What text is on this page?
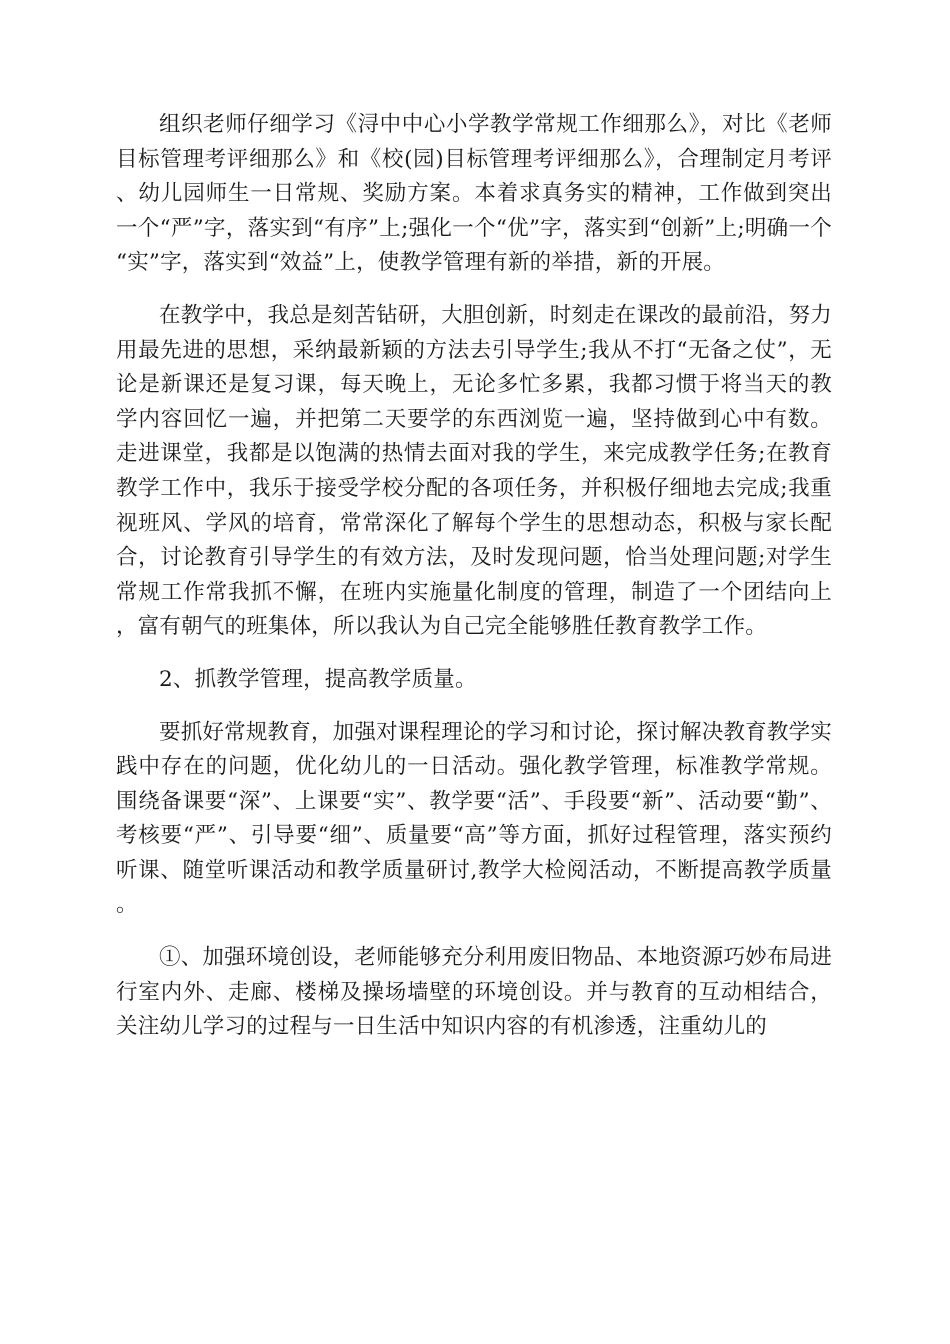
组织老师仔细学习《浔中中心小学教学常规工作细那么》，对比《老师目标管理考评细那么》和《校(园)目标管理考评细那么》，合理制定月考评、幼儿园师生一日常规、奖励方案。本着求真务实的精神，工作做到突出一个“严”字，落实到“有序”上;强化一个“优”字，落实到“创新”上;明确一个“实”字，落实到“效益”上，使教学管理有新的举措，新的开展。

在教学中，我总是刻苦钻研，大胆创新，时刻走在课改的最前沿，努力用最先进的思想，采纳最新颖的方法去引导学生;我从不打“无备之仗”，无论是新课还是复习课，每天晚上，无论多忙多累，我都习惯于将当天的教学内容回忆一遍，并把第二天要学的东西浏览一遍，坚持做到心中有数。走进课堂，我都是以饱满的热情去面对我的学生，来完成教学任务;在教育教学工作中，我乐于接受学校分配的各项任务，并积极仔细地去完成;我重视班风、学风的培育，常常深化了解每个学生的思想动态，积极与家长配合，讨论教育引导学生的有效方法，及时发现问题，恰当处理问题;对学生常规工作常我抓不懈，在班内实施量化制度的管理，制造了一个团结向上，富有朝气的班集体，所以我认为自己完全能够胜任教育教学工作。

2、抓教学管理，提高教学质量。

要抓好常规教育，加强对课程理论的学习和讨论，探讨解决教育教学实践中存在的问题，优化幼儿的一日活动。强化教学管理，标准教学常规。围绕备课要“深”、上课要“实”、教学要“活”、手段要“新”、活动要“勤”、考核要“严”、引导要“细”、质量要“高”等方面，抓好过程管理，落实预约听课、随堂听课活动和教学质量研讨,教学大检阅活动，不断提高教学质量。

①、加强环境创设，老师能够充分利用废旧物品、本地资源巧妙布局进行室内外、走廊、楼梯及操场墙壁的环境创设。并与教育的互动相结合，关注幼儿学习的过程与一日生活中知识内容的有机渗透，注重幼儿的
